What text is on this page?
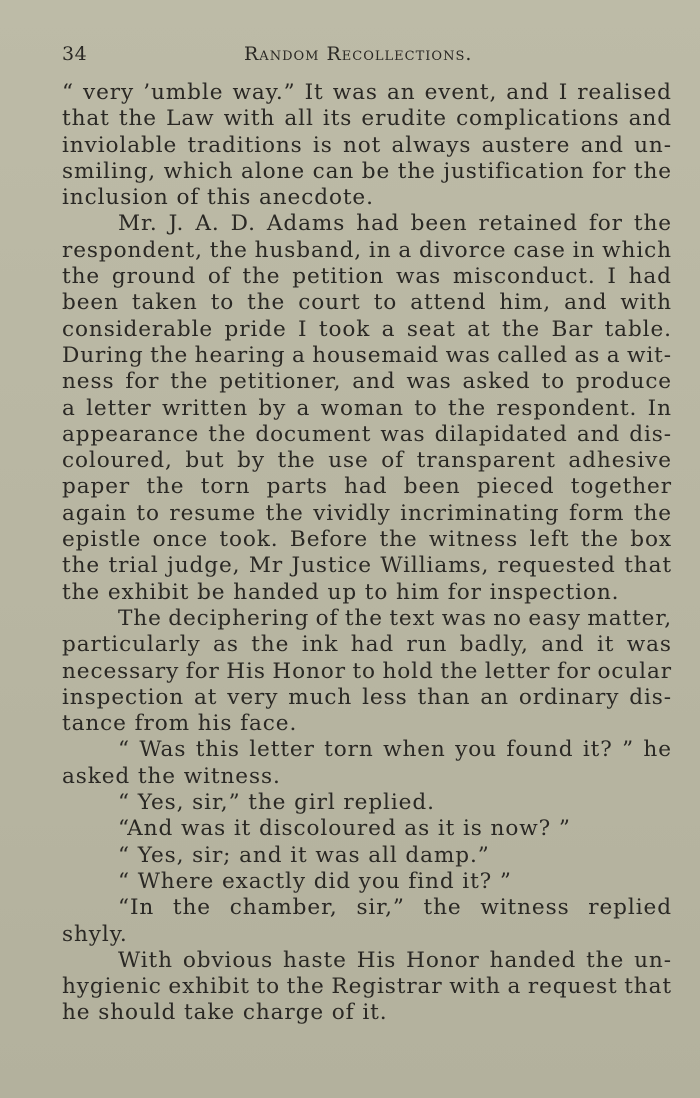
34	Random Recollections.
“ very ’umble way.” It was an event, and I realised
that the Law with all its erudite complications and
inviolable traditions is not always austere and un-
smiling, which alone can be the justification for the
inclusion of this anecdote.
Mr. J. A. D. Adams had been retained for the
respondent, the husband, in a divorce case in which
the ground of the petition was misconduct. I had
been taken to the court to attend him, and with
considerable pride I took a seat at the Bar table.
During the hearing a housemaid was called as a wit-
ness for the petitioner, and was asked to produce
a letter written by a woman to the respondent. In
appearance the document was dilapidated and dis-
coloured, but by the use of transparent adhesive
paper the torn parts had been pieced together
again to resume the vividly incriminating form the
epistle once took. Before the witness left the box
the trial judge, Mr Justice Williams, requested that
the exhibit be handed up to him for inspection.
The deciphering of the text was no easy matter,
particularly as the ink had run badly, and it was
necessary for His Honor to hold the letter for ocular
inspection at very much less than an ordinary dis-
tance from his face.
“ Was this letter torn when you found it? ” he
asked the witness.
“ Yes, sir,” the girl replied.
“And was it discoloured as it is now? ”
“ Yes, sir; and it was all damp.”
“ Where exactly did you find it? ”
“In the chamber, sir,” the witness replied
shyly.
With obvious haste His Honor handed the un-
hygienic exhibit to the Registrar with a request that
he should take charge of it.
